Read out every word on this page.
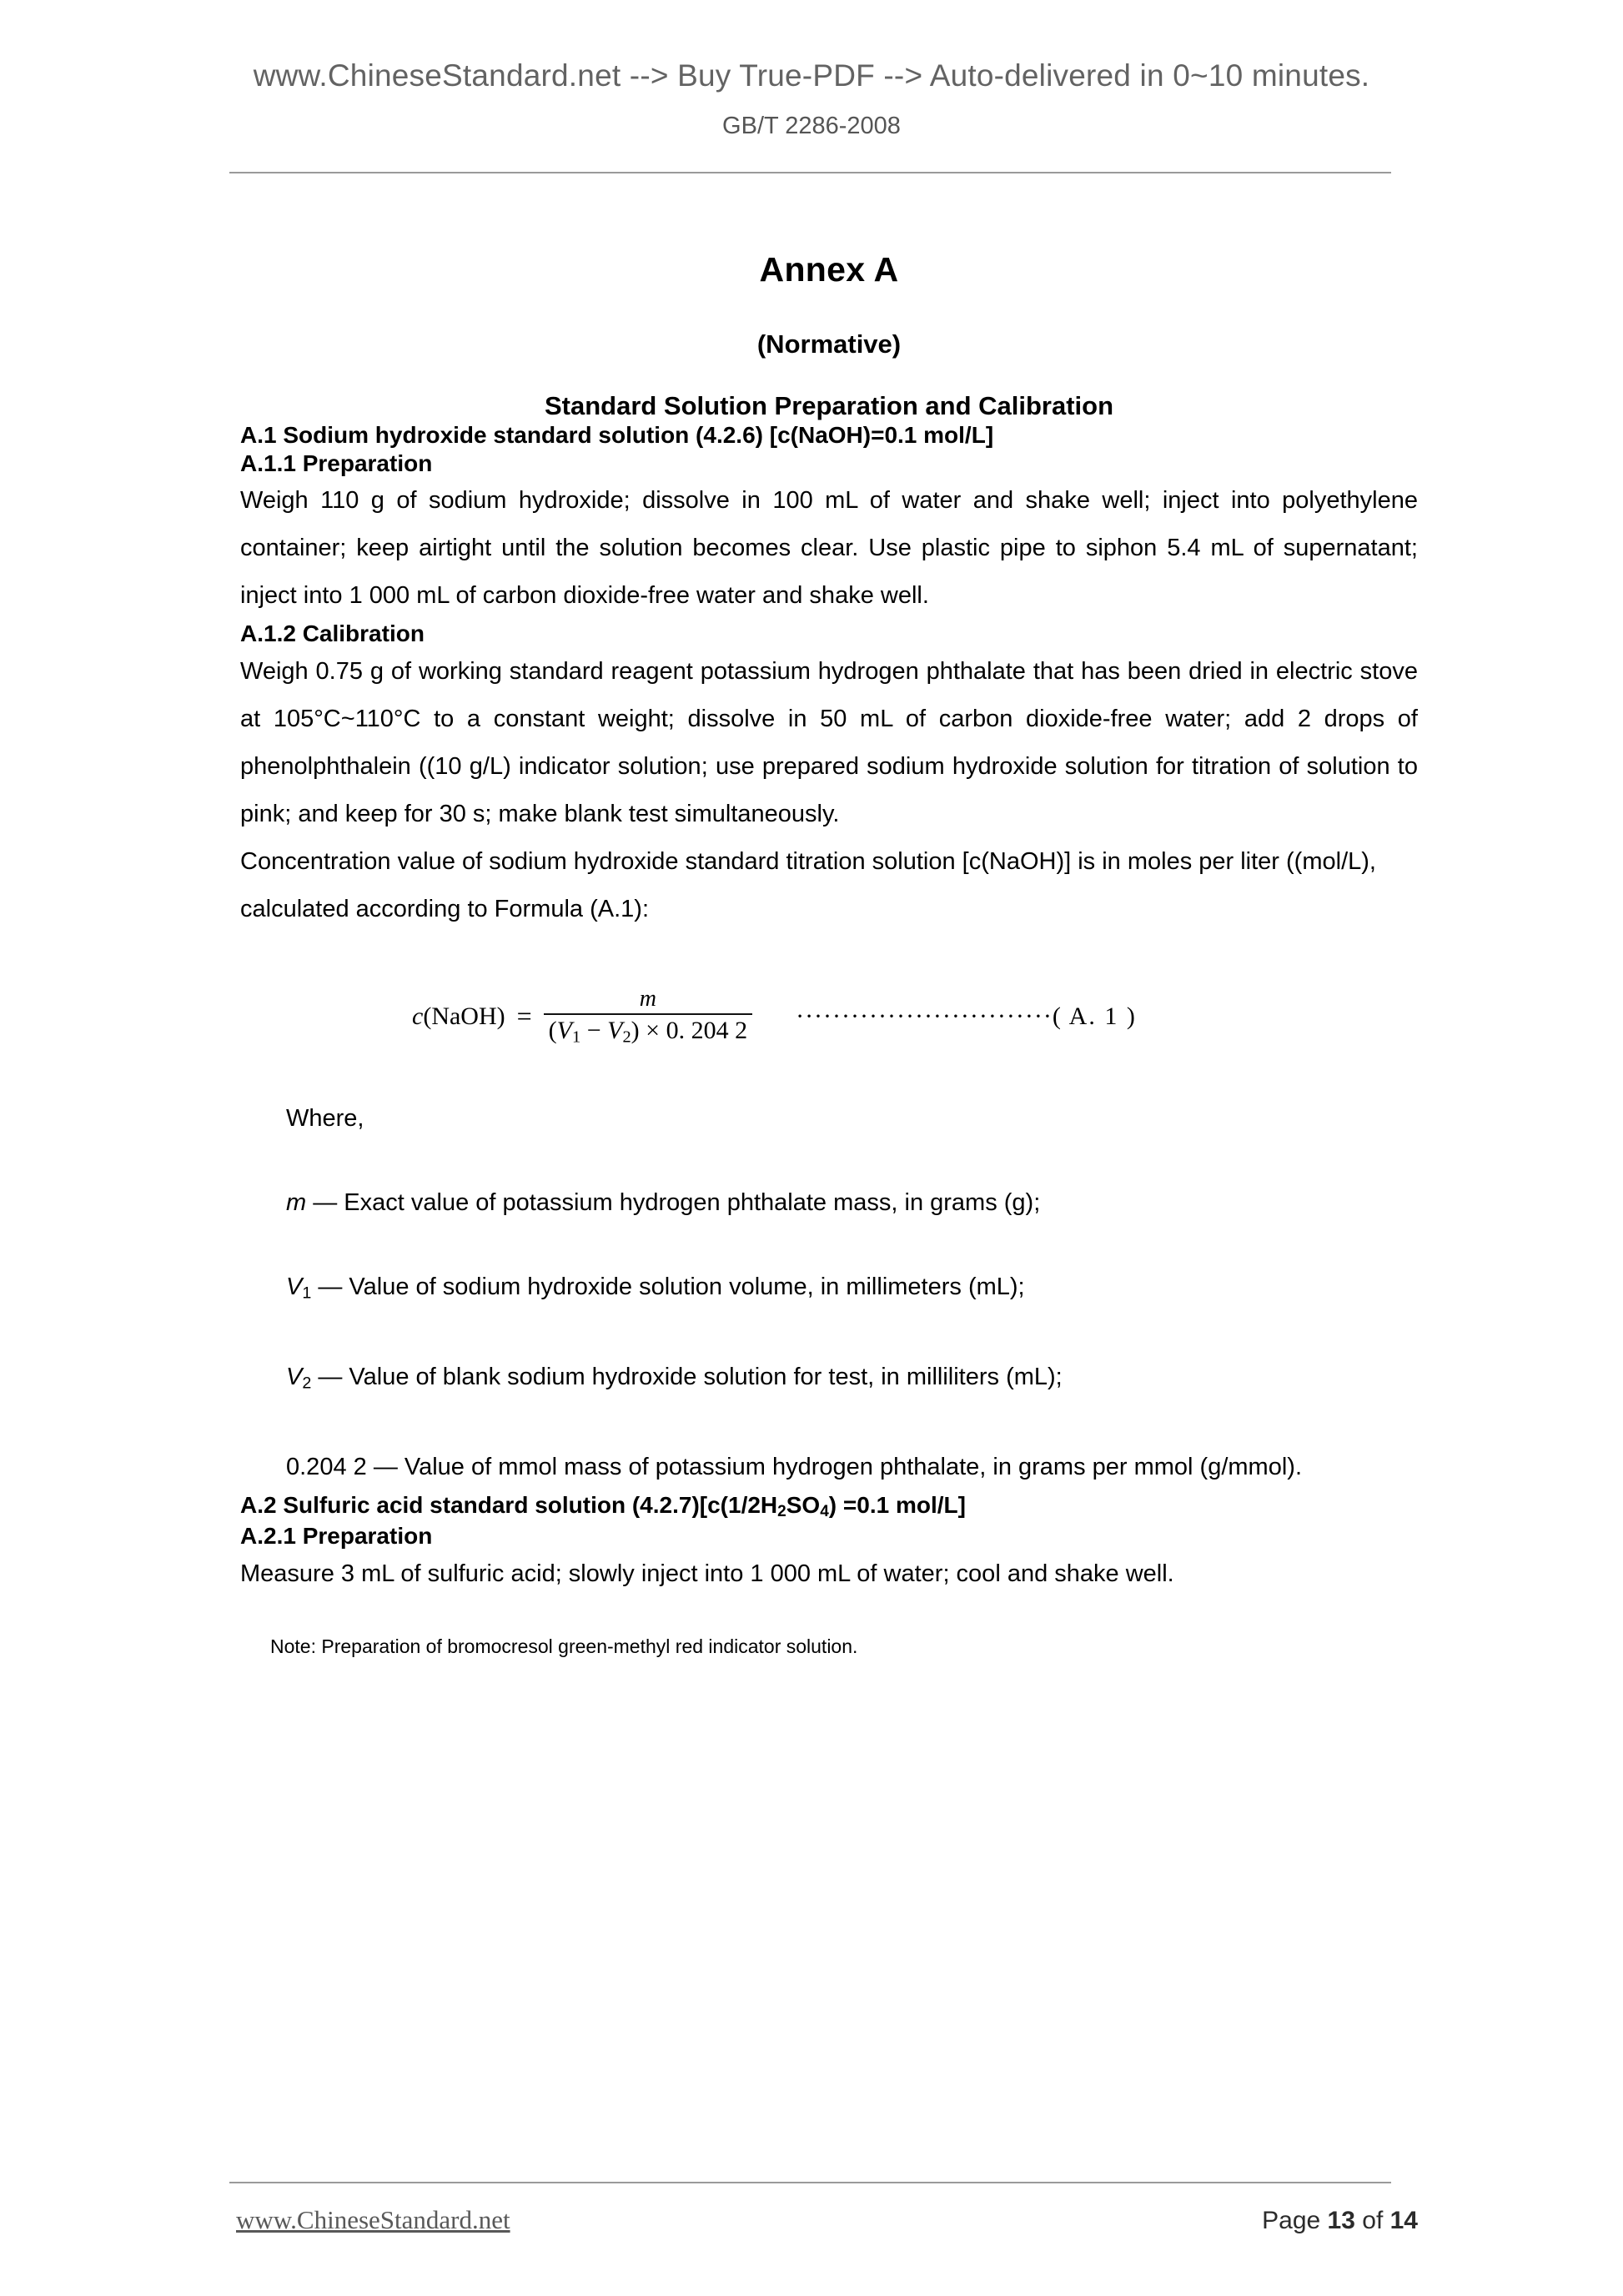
www.ChineseStandard.net --> Buy True-PDF --> Auto-delivered in 0~10 minutes.
GB/T 2286-2008
Annex A
(Normative)
Standard Solution Preparation and Calibration
A.1 Sodium hydroxide standard solution (4.2.6) [c(NaOH)=0.1 mol/L]
A.1.1 Preparation

Weigh 110 g of sodium hydroxide; dissolve in 100 mL of water and shake well; inject into polyethylene container; keep airtight until the solution becomes clear. Use plastic pipe to siphon 5.4 mL of supernatant; inject into 1 000 mL of carbon dioxide-free water and shake well.

A.1.2 Calibration

Weigh 0.75 g of working standard reagent potassium hydrogen phthalate that has been dried in electric stove at 105°C~110°C to a constant weight; dissolve in 50 mL of carbon dioxide-free water; add 2 drops of phenolphthalein ((10 g/L) indicator solution; use prepared sodium hydroxide solution for titration of solution to pink; and keep for 30 s; make blank test simultaneously.

Concentration value of sodium hydroxide standard titration solution [c(NaOH)] is in moles per liter ((mol/L), calculated according to Formula (A.1):

c(NaOH) = $\frac{m}{(V_1 - V_2) \times 0. 204 2}$ ···························· ( A. 1 )

Where,

m — Exact value of potassium hydrogen phthalate mass, in grams (g);

$V_1$ — Value of sodium hydroxide solution volume, in millimeters (mL);

$V_2$ — Value of blank sodium hydroxide solution for test, in milliliters (mL);

0.204 2 — Value of mmol mass of potassium hydrogen phthalate, in grams per mmol (g/mmol).

A.2 Sulfuric acid standard solution $(4.2.7)[c(1/2H_2SO_4) =0.1$ mol/L]
A.2.1 Preparation

Measure 3 mL of sulfuric acid; slowly inject into 1 000 mL of water; cool and shake well.

Note: Preparation of bromocresol green-methyl red indicator solution.

www.ChineseStandard.net	Page 13 of 14
